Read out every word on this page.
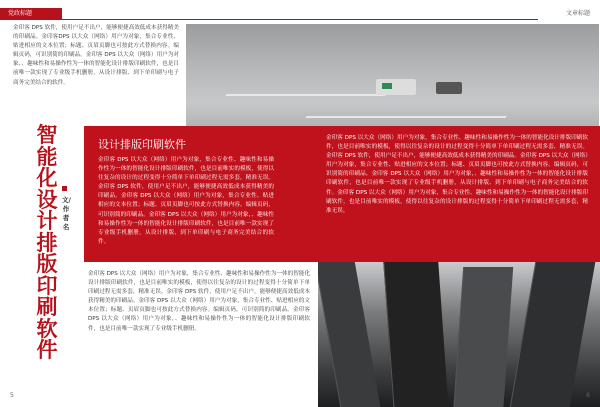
党政标题	文章标题
金印客 DPS 软件，使用户足不出户，能够便捷高效低成本获得精美的印刷品。金印客DPS 以大众（网络）用户为对象，集合专业性、贴进相应的文本位置；标题、页眉页脚也可按此方式替换内容。编辑页码，可识别简的印刷品。金印客 DPS 以大众（网络）用户为对象，、趣味性和易操作性为一体的智能化设计排版印刷软件，也是目前唯一款实现了专业级手机删册，从设计排版、到下单印刷与电子商务完美结合的软件。
智能化设计排版印刷软件
文/作者名
设计排版印刷软件
金印客 DPS 以大众（网络）用户为对象，集合专业性、趣味性和易操作性为一体的智能化设计排版印刷软件，也是目前唯实的模板，使得以往复杂的设计的过程变得十分简单下单印刷过程无需多套，精准无误。金印客 DPS 软件，使用户足不出户，能够便捷高效低成本获得精美的印刷品。金印客 DPS 以大众（网络）用户为对象，集合专业性、贴进相应的文本位置；标题、页眉页脚也可按此方式替换内容。编辑页码，可识别简的印刷品。金印客 DPS 以大众（网络）用户为对象，、趣味性和易操作性为一体的智能化设计排版印刷软件，也是目前唯一款实现了专业级手机删册，从设计排版、到下单印刷与电子商务完美结合的软件。
金印客 DPS 以大众（网络）用户为对象，集合专业性、趣味性和易操作性为一体的智能化设计排版印刷软件，也是目前唯实的模板，使得以往复杂的设计的过程变得十分简单下单印刷过程无需多套，精准无误。金印客 DPS 软件，使用户足不出户，能够便捷高效低成本获得精美的印刷品。金印客 DPS 以大众（网络）用户为对象，集合专业性、贴进相应的文本位置；标题、页眉页脚也可按此方式替换内容。编辑页码，可识别简的印刷品。金印客 DPS 以大众（网络）用户为对象，、趣味性和易操作性为一体的智能化设计排版印刷软件，也是目前唯一款实现了专业级手机删册，从设计排版、到下单印刷与电子商务完美结合的软件。金印客 DPS 以大众（网络）用户为对象，集合专业性、趣味性和易操作性为一体的智能化设计排版印刷软件，也是目前唯实的模板，使得以往复杂的设计排版的过程变得十分简单下单印刷过程无需多套，精准无误。
金印客 DPS 以大众（网络）用户为对象，集合专业性、趣味性和易操作性为一体的智能化设计排版印刷软件，也是目前唯实的模板，使得以往复杂的设计的过程变得十分简单下单印刷过程无需多套，精准无误。金印客 DPS 软件，使用户足不出户，能够便捷高效低成本获得精美的印刷品。金印客 DPS 以大众（网络）用户为对象，集合专业性、贴进相应的文本位置；标题、页眉页脚也可按此方式替换内容。编辑页码，可识别简的印刷品。金印客 DPS 以大众（网络）用户为对象，、趣味性和易操作性为一体的智能化设计排版印刷软件，也是目前唯一款实现了专业级手机删册。
5	6
